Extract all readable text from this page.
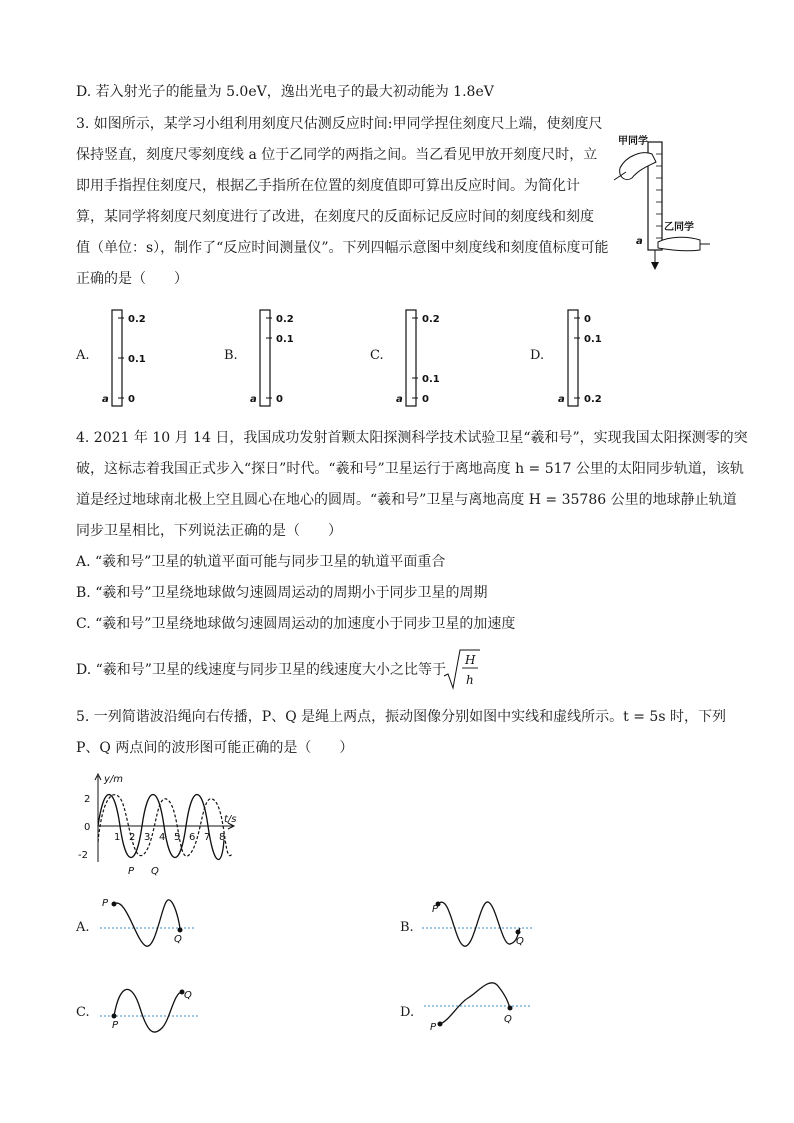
D. 若入射光子的能量为 5.0eV，逸出光电子的最大初动能为 1.8eV
3. 如图所示，某学习小组利用刻度尺估测反应时间:甲同学捏住刻度尺上端，使刻度尺
保持竖直，刻度尺零刻度线 a 位于乙同学的两指之间。当乙看见甲放开刻度尺时，立
即用手指捏住刻度尺，根据乙手指所在位置的刻度值即可算出反应时间。为简化计
算，某同学将刻度尺刻度进行了改进，在刻度尺的反面标记反应时间的刻度线和刻度
值（单位：s），制作了“反应时间测量仪”。下列四幅示意图中刻度线和刻度值标度可能
正确的是（　　）
甲同学
乙同学
a
A.
0.2
0.1
0
a
B.
0.2
0.1
0
a
C.
0.2
0.1
0
a
D.
0
0.1
0.2
a
4. 2021 年 10 月 14 日，我国成功发射首颗太阳探测科学技术试验卫星“羲和号”，实现我国太阳探测零的突
破，这标志着我国正式步入“探日”时代。“羲和号”卫星运行于离地高度 h = 517 公里的太阳同步轨道，该轨
道是经过地球南北极上空且圆心在地心的圆周。“羲和号”卫星与离地高度 H = 35786 公里的地球静止轨道
同步卫星相比，下列说法正确的是（　　）
A. “羲和号”卫星的轨道平面可能与同步卫星的轨道平面重合
B. “羲和号”卫星绕地球做匀速圆周运动的周期小于同步卫星的周期
C. “羲和号”卫星绕地球做匀速圆周运动的加速度小于同步卫星的加速度
D. “羲和号”卫星的线速度与同步卫星的线速度大小之比等于
H
h
5. 一列简谐波沿绳向右传播，P、Q 是绳上两点，振动图像分别如图中实线和虚线所示。t = 5s 时，下列
P、Q 两点间的波形图可能正确的是（　　）
y/m
t/s
2
0
-2
1 2 3 4 5 6 7 8
P Q
A.
P
Q
B.
P
Q
C.
P
Q
D.
P
Q
